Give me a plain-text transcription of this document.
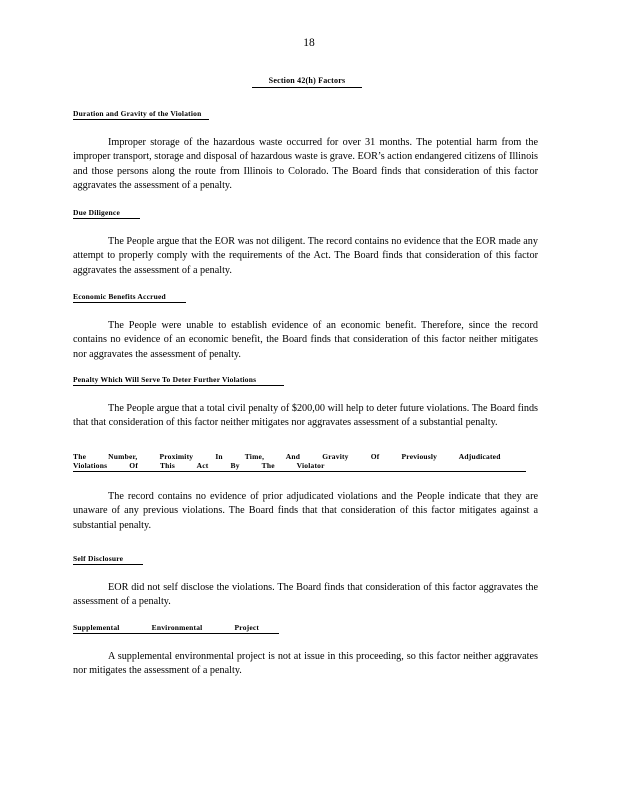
18
Section 42(h) Factors
Duration and Gravity of the Violation
Improper storage of the hazardous waste occurred for over 31 months. The potential harm from the improper transport, storage and disposal of hazardous waste is grave. EOR’s action endangered citizens of Illinois and those persons along the route from Illinois to Colorado. The Board finds that consideration of this factor aggravates the assessment of a penalty.
Due Diligence
The People argue that the EOR was not diligent. The record contains no evidence that the EOR made any attempt to properly comply with the requirements of the Act. The Board finds that consideration of this factor aggravates the assessment of a penalty.
Economic Benefits Accrued
The People were unable to establish evidence of an economic benefit. Therefore, since the record contains no evidence of an economic benefit, the Board finds that consideration of this factor neither mitigates nor aggravates the assessment of penalty.
Penalty Which Will Serve To Deter Further Violations
The People argue that a total civil penalty of $200,00 will help to deter future violations. The Board finds that that consideration of this factor neither mitigates nor aggravates assessment of a substantial penalty.
The Number, Proximity In Time, And Gravity Of Previously Adjudicated Violations Of This Act By The Violator
The record contains no evidence of prior adjudicated violations and the People indicate that they are unaware of any previous violations. The Board finds that that consideration of this factor mitigates against a substantial penalty.
Self Disclosure
EOR did not self disclose the violations. The Board finds that consideration of this factor aggravates the assessment of a penalty.
Supplemental Environmental Project
A supplemental environmental project is not at issue in this proceeding, so this factor neither aggravates nor mitigates the assessment of a penalty.
